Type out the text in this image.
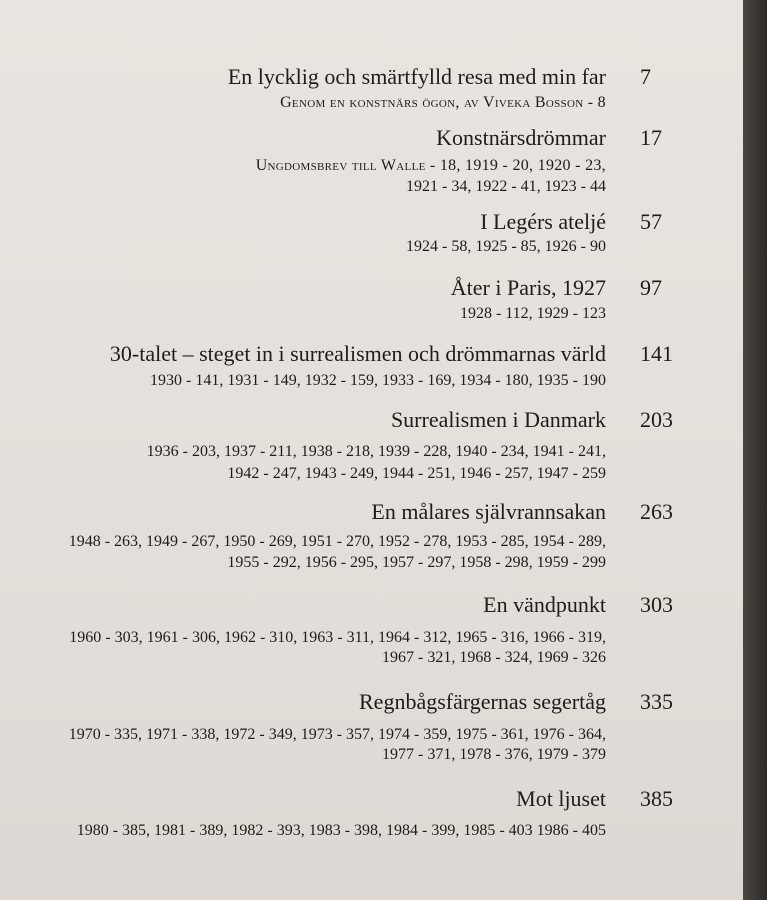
En lycklig och smärtfylld resa med min far 7
Genom en konstnärs ögon, av Viveka Bosson - 8
Konstnärsdrömmar 17
Ungdomsbrev till Walle - 18, 1919 - 20, 1920 - 23,
1921 - 34, 1922 - 41, 1923 - 44
I Legérs ateljé 57
1924 - 58, 1925 - 85, 1926 - 90
Åter i Paris, 1927 97
1928 - 112, 1929 - 123
30-talet – steget in i surrealismen och drömmarnas värld 141
1930 - 141, 1931 - 149, 1932 - 159, 1933 - 169, 1934 - 180, 1935 - 190
Surrealismen i Danmark 203
1936 - 203, 1937 - 211, 1938 - 218, 1939 - 228, 1940 - 234, 1941 - 241,
1942 - 247, 1943 - 249, 1944 - 251, 1946 - 257, 1947 - 259
En målares självrannsakan 263
1948 - 263, 1949 - 267, 1950 - 269, 1951 - 270, 1952 - 278, 1953 - 285, 1954 - 289,
1955 - 292, 1956 - 295, 1957 - 297, 1958 - 298, 1959 - 299
En vändpunkt 303
1960 - 303, 1961 - 306, 1962 - 310, 1963 - 311, 1964 - 312, 1965 - 316, 1966 - 319,
1967 - 321, 1968 - 324, 1969 - 326
Regnbågsfärgernas segertåg 335
1970 - 335, 1971 - 338, 1972 - 349, 1973 - 357, 1974 - 359, 1975 - 361, 1976 - 364,
1977 - 371, 1978 - 376, 1979 - 379
Mot ljuset 385
1980 - 385, 1981 - 389, 1982 - 393, 1983 - 398, 1984 - 399, 1985 - 403 1986 - 405
